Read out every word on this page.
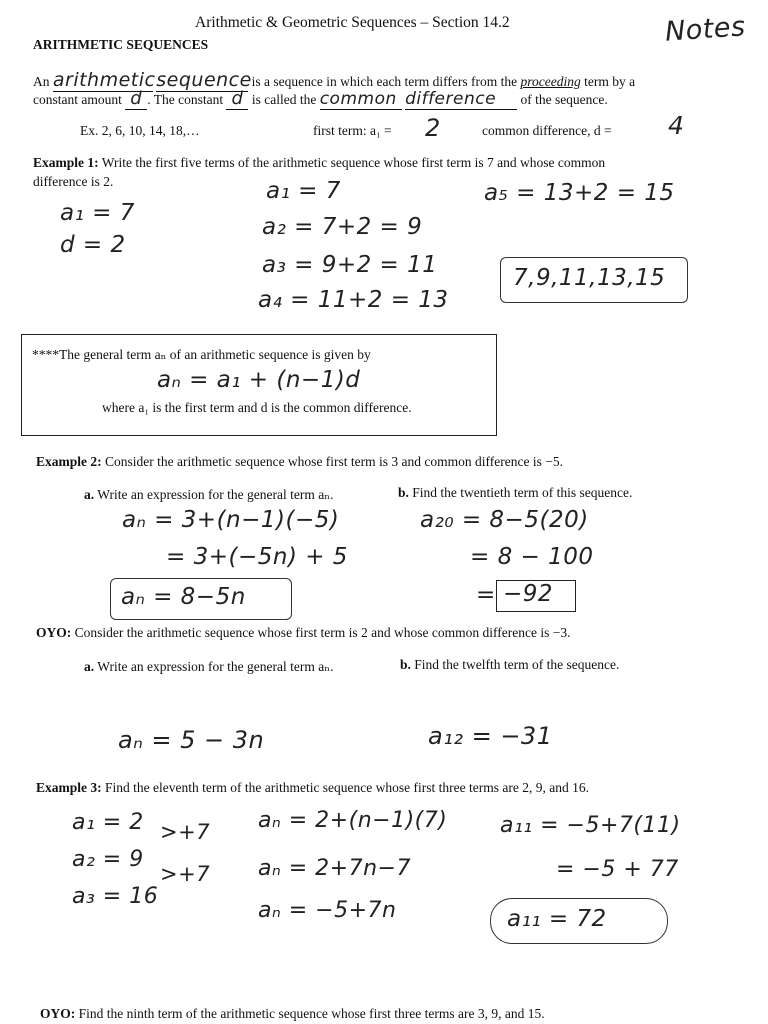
Arithmetic & Geometric Sequences – Section 14.2	Notes
ARITHMETIC SEQUENCES
An arithmetic sequence is a sequence in which each term differs from the proceeding term by a
constant amount d . The constant d is called the common difference of the sequence.
Ex. 2, 6, 10, 14, 18,…	first term: a₁ = 2	common difference, d = 4
Example 1: Write the first five terms of the arithmetic sequence whose first term is 7 and whose common
difference is 2.
a₁ = 7
d = 2
a₁ = 7
a₂ = 7+2 = 9
a₃ = 9+2 = 11
a₄ = 11+2 = 13
a₅ = 13+2 = 15
7,9,11,13,15
****The general term aₙ of an arithmetic sequence is given by
aₙ = a₁ + (n−1)d
where a₁ is the first term and d is the common difference.
Example 2: Consider the arithmetic sequence whose first term is 3 and common difference is −5.
a. Write an expression for the general term aₙ.	b. Find the twentieth term of this sequence.
aₙ = 3+(n−1)(−5)
= 3+(−5n) + 5
aₙ = 8−5n
a₂₀ = 8−5(20)
= 8 − 100
= −92
OYO: Consider the arithmetic sequence whose first term is 2 and whose common difference is −3.
a. Write an expression for the general term aₙ.	b. Find the twelfth term of the sequence.
aₙ = 5 − 3n	a₁₂ = −31
Example 3: Find the eleventh term of the arithmetic sequence whose first three terms are 2, 9, and 16.
a₁ = 2
a₂ = 9
a₃ = 16
>+7
>+7
aₙ = 2+(n−1)(7)
aₙ = 2+7n−7
aₙ = −5+7n
a₁₁ = −5+7(11)
= −5 + 77
a₁₁ = 72
OYO: Find the ninth term of the arithmetic sequence whose first three terms are 3, 9, and 15.
